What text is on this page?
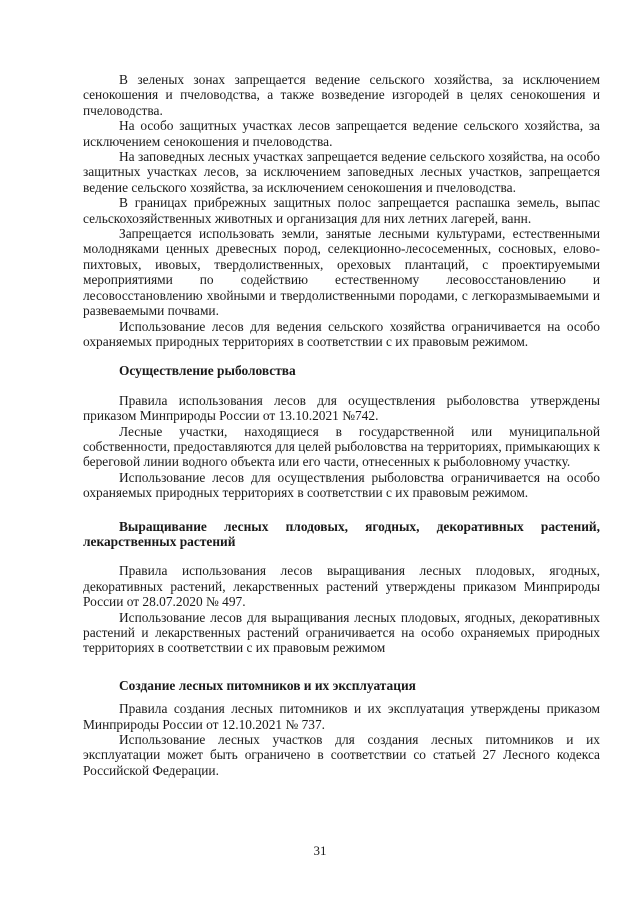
В зеленых зонах запрещается ведение сельского хозяйства, за исключением сенокошения и пчеловодства, а также возведение изгородей в целях сенокошения и пчеловодства.

На особо защитных участках лесов запрещается ведение сельского хозяйства, за исключением сенокошения и пчеловодства.

На заповедных лесных участках запрещается ведение сельского хозяйства, на особо защитных участках лесов, за исключением заповедных лесных участков, запрещается ведение сельского хозяйства, за исключением сенокошения и пчеловодства.

В границах прибрежных защитных полос запрещается распашка земель, выпас сельскохозяйственных животных и организация для них летних лагерей, ванн.

Запрещается использовать земли, занятые лесными культурами, естественными молодняками ценных древесных пород, селекционно-лесосеменных, сосновых, елово-пихтовых, ивовых, твердолиственных, ореховых плантаций, с проектируемыми мероприятиями по содействию естественному лесовосстановлению и лесовосстановлению хвойными и твердолиственными породами, с легкоразмываемыми и развеваемыми почвами.

Использование лесов для ведения сельского хозяйства ограничивается на особо охраняемых природных территориях в соответствии с их правовым режимом.

Осуществление рыболовства

Правила использования лесов для осуществления рыболовства утверждены приказом Минприроды России от 13.10.2021 №742.

Лесные участки, находящиеся в государственной или муниципальной собственности, предоставляются для целей рыболовства на территориях, примыкающих к береговой линии водного объекта или его части, отнесенных к рыболовному участку.

Использование лесов для осуществления рыболовства ограничивается на особо охраняемых природных территориях в соответствии с их правовым режимом.

Выращивание лесных плодовых, ягодных, декоративных растений, лекарственных растений

Правила использования лесов выращивания лесных плодовых, ягодных, декоративных растений, лекарственных растений утверждены приказом Минприроды России от 28.07.2020 № 497.

Использование лесов для выращивания лесных плодовых, ягодных, декоративных растений и лекарственных растений ограничивается на особо охраняемых природных территориях в соответствии с их правовым режимом

Создание лесных питомников и их эксплуатация

Правила создания лесных питомников и их эксплуатация утверждены приказом Минприроды России от 12.10.2021 № 737.

Использование лесных участков для создания лесных питомников и их эксплуатации может быть ограничено в соответствии со статьей 27 Лесного кодекса Российской Федерации.

31
